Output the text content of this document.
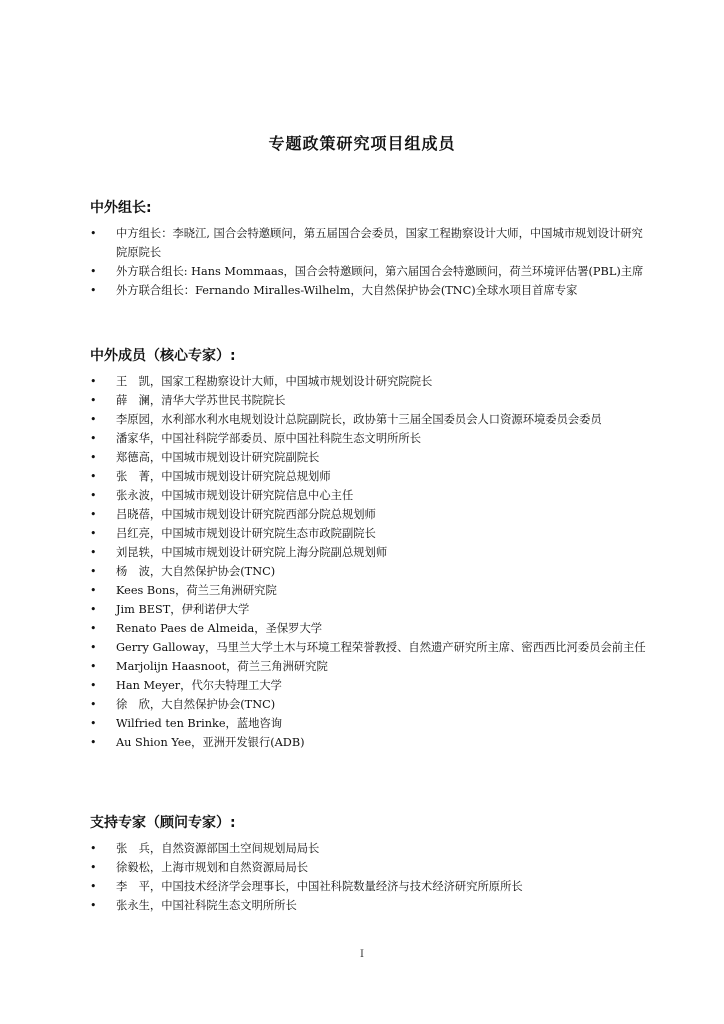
专题政策研究项目组成员
中外组长:
•	中方组长：李晓江, 国合会特邀顾问，第五届国合会委员，国家工程勘察设计大师，中国城市规划设计研究院原院长
•	外方联合组长: Hans Mommaas，国合会特邀顾问，第六届国合会特邀顾问，荷兰环境评估署(PBL)主席
•	外方联合组长：Fernando Miralles-Wilhelm，大自然保护协会(TNC)全球水项目首席专家
中外成员（核心专家）:
•	王　凯，国家工程勘察设计大师，中国城市规划设计研究院院长
•	薛　澜，清华大学苏世民书院院长
•	李原园，水利部水利水电规划设计总院副院长，政协第十三届全国委员会人口资源环境委员会委员
•	潘家华，中国社科院学部委员、原中国社科院生态文明所所长
•	郑德高，中国城市规划设计研究院副院长
•	张　菁，中国城市规划设计研究院总规划师
•	张永波，中国城市规划设计研究院信息中心主任
•	吕晓蓓，中国城市规划设计研究院西部分院总规划师
•	吕红亮，中国城市规划设计研究院生态市政院副院长
•	刘昆轶，中国城市规划设计研究院上海分院副总规划师
•	杨　波，大自然保护协会(TNC)
•	Kees Bons，荷兰三角洲研究院
•	Jim BEST，伊利诺伊大学
•	Renato Paes de Almeida，圣保罗大学
•	Gerry Galloway，马里兰大学土木与环境工程荣誉教授、自然遗产研究所主席、密西西比河委员会前主任
•	Marjolijn Haasnoot，荷兰三角洲研究院
•	Han Meyer，代尔夫特理工大学
•	徐　欣，大自然保护协会(TNC)
•	Wilfried ten Brinke，蓝地咨询
•	Au Shion Yee，亚洲开发银行(ADB)
支持专家（顾问专家）:
•	张　兵，自然资源部国土空间规划局局长
•	徐毅松，上海市规划和自然资源局局长
•	李　平，中国技术经济学会理事长，中国社科院数量经济与技术经济研究所原所长
•	张永生，中国社科院生态文明所所长
I
